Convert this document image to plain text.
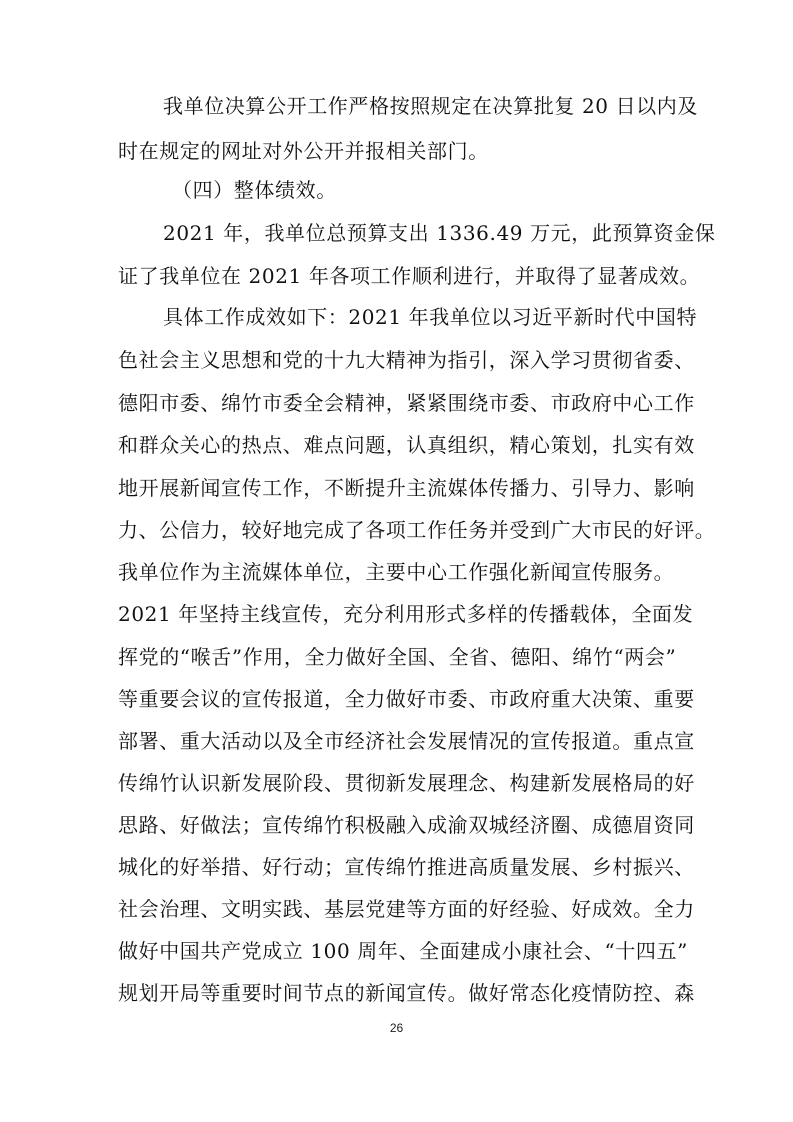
我单位决算公开工作严格按照规定在决算批复 20 日以内及
时在规定的网址对外公开并报相关部门。
（四）整体绩效。
2021 年，我单位总预算支出 1336.49 万元，此预算资金保
证了我单位在 2021 年各项工作顺利进行，并取得了显著成效。
具体工作成效如下：2021 年我单位以习近平新时代中国特
色社会主义思想和党的十九大精神为指引，深入学习贯彻省委、
德阳市委、绵竹市委全会精神，紧紧围绕市委、市政府中心工作
和群众关心的热点、难点问题，认真组织，精心策划，扎实有效
地开展新闻宣传工作，不断提升主流媒体传播力、引导力、影响
力、公信力，较好地完成了各项工作任务并受到广大市民的好评。
我单位作为主流媒体单位，主要中心工作强化新闻宣传服务。
2021 年坚持主线宣传，充分利用形式多样的传播载体，全面发
挥党的“喉舌”作用，全力做好全国、全省、德阳、绵竹“两会”
等重要会议的宣传报道，全力做好市委、市政府重大决策、重要
部署、重大活动以及全市经济社会发展情况的宣传报道。重点宣
传绵竹认识新发展阶段、贯彻新发展理念、构建新发展格局的好
思路、好做法；宣传绵竹积极融入成渝双城经济圈、成德眉资同
城化的好举措、好行动；宣传绵竹推进高质量发展、乡村振兴、
社会治理、文明实践、基层党建等方面的好经验、好成效。全力
做好中国共产党成立 100 周年、全面建成小康社会、“十四五”
规划开局等重要时间节点的新闻宣传。做好常态化疫情防控、森
26
